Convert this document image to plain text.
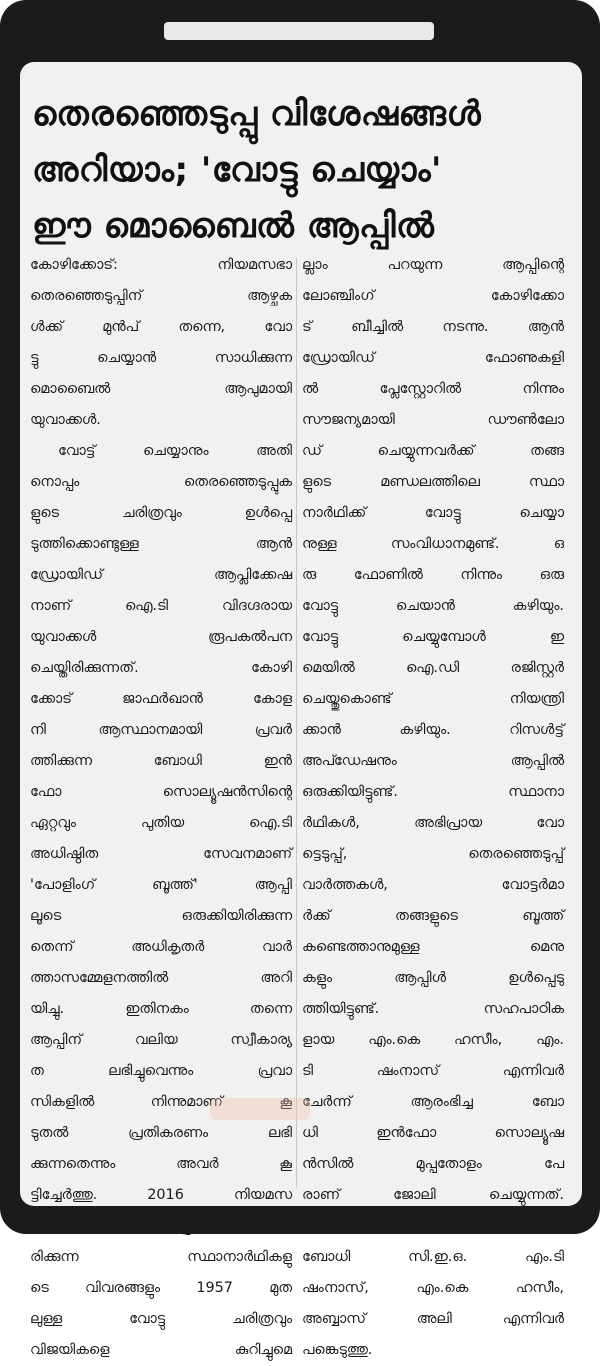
തെരഞ്ഞെടുപ്പു വിശേഷങ്ങൾ
അറിയാം; 'വോട്ടു ചെയ്യാം'
ഈ മൊബൈൽ ആപ്പിൽ
കോഴിക്കോട്: നിയമസഭാ
തെരഞ്ഞെടുപ്പിന് ആഴ്ചക
ൾക്ക് മുൻപ് തന്നെ, വോ
ട്ടു ചെയ്യാൻ സാധിക്കുന്ന
മൊബൈൽ ആപുമായി
യുവാക്കൾ.
വോട്ട് ചെയ്യാനും അതി
നൊപ്പം തെരഞ്ഞെടുപ്പുക
ളുടെ ചരിത്രവും ഉൾപ്പെ
ടുത്തിക്കൊണ്ടുള്ള ആൻ
ഡ്രോയിഡ് ആപ്ലിക്കേഷ
നാണ് ഐ.ടി വിദഗ്ദരായ
യുവാക്കൾ രൂപകൽപന
ചെയ്തിരിക്കുന്നത്. കോഴി
ക്കോട് ജാഫർഖാൻ കോള
നി ആസ്ഥാനമായി പ്രവർ
ത്തിക്കുന്ന ബോധി ഇൻ
ഫോ സൊല്യൂഷൻസിന്റെ
ഏറ്റവും പുതിയ ഐ.ടി
അധിഷ്ഠിത സേവനമാണ്
'പോളിംഗ് ബൂത്ത്' ആപ്പി
ലൂടെ ഒരുക്കിയിരിക്കുന്ന
തെന്ന് അധികൃതർ വാർ
ത്താസമ്മേളനത്തിൽ അറി
യിച്ചു. ഇതിനകം തന്നെ
ആപ്പിന് വലിയ സ്വീകാര്യ
ത ലഭിച്ചുവെന്നും പ്രവാ
സികളിൽ നിന്നുമാണ് കൂ
ടുതൽ പ്രതികരണം ലഭി
ക്കുന്നതെന്നും അവർ കൂ
ട്ടിച്ചേർത്തു. 2016 നിയമസ
ഭാ തെരഞ്ഞെടുപ്പിൽ മത്സ
രിക്കുന്ന സ്ഥാനാർഥികളു
ടെ വിവരങ്ങളും 1957 മുത
ലുള്ള വോട്ടു ചരിത്രവും
വിജയികളെ കുറിച്ചുമെ
ല്ലാം പറയുന്ന ആപ്പിന്റെ
ലോഞ്ചിംഗ് കോഴിക്കോ
ട് ബീച്ചിൽ നടന്നു. ആൻ
ഡ്രോയിഡ് ഫോണുകളി
ൽ പ്ലേസ്റ്റോറിൽ നിന്നും
സൗജന്യമായി ഡൗൺലോ
ഡ് ചെയ്യുന്നവർക്ക് തങ്ങ
ളുടെ മണ്ഡലത്തിലെ സ്ഥാ
നാർഥിക്ക് വോട്ടു ചെയ്യാ
നുള്ള സംവിധാനമുണ്ട്. ഒ
രു ഫോണിൽ നിന്നും ഒരു
വോട്ടു ചെയാൻ കഴിയും.
വോട്ടു ചെയ്യുമ്പോൾ ഇ
മെയിൽ ഐ.ഡി രജിസ്റ്റർ
ചെയ്തുകൊണ്ട് നിയന്ത്രി
ക്കാൻ കഴിയും. റിസൾട്ട്
അപ്ഡേഷനും ആപ്പിൽ
ഒരുക്കിയിട്ടുണ്ട്. സ്ഥാനാ
ർഥികൾ, അഭിപ്രായ വോ
ട്ടെടുപ്പ്, തെരഞ്ഞെടുപ്പ്
വാർത്തകൾ, വോട്ടർമാ
ർക്ക് തങ്ങളുടെ ബൂത്ത്
കണ്ടെത്താനുമുള്ള മെനു
കളും ആപ്പിൾ ഉൾപ്പെടു
ത്തിയിട്ടുണ്ട്. സഹപാഠിക
ളായ എം.കെ ഹസീം, എം.
ടി ഷംനാസ് എന്നിവർ
ചേർന്ന് ആരംഭിച്ച ബോ
ധി ഇൻഫോ സൊല്യൂഷ
ൻസിൽ മുപ്പതോളം പേ
രാണ് ജോലി ചെയ്യുന്നത്.
വാർത്താസമ്മേളനത്തിൽ
ബോധി സി.ഇ.ഒ. എം.ടി
ഷംനാസ്, എം.കെ ഹസീം,
അബ്ബാസ് അലി എന്നിവർ
പങ്കെടുത്തു.
